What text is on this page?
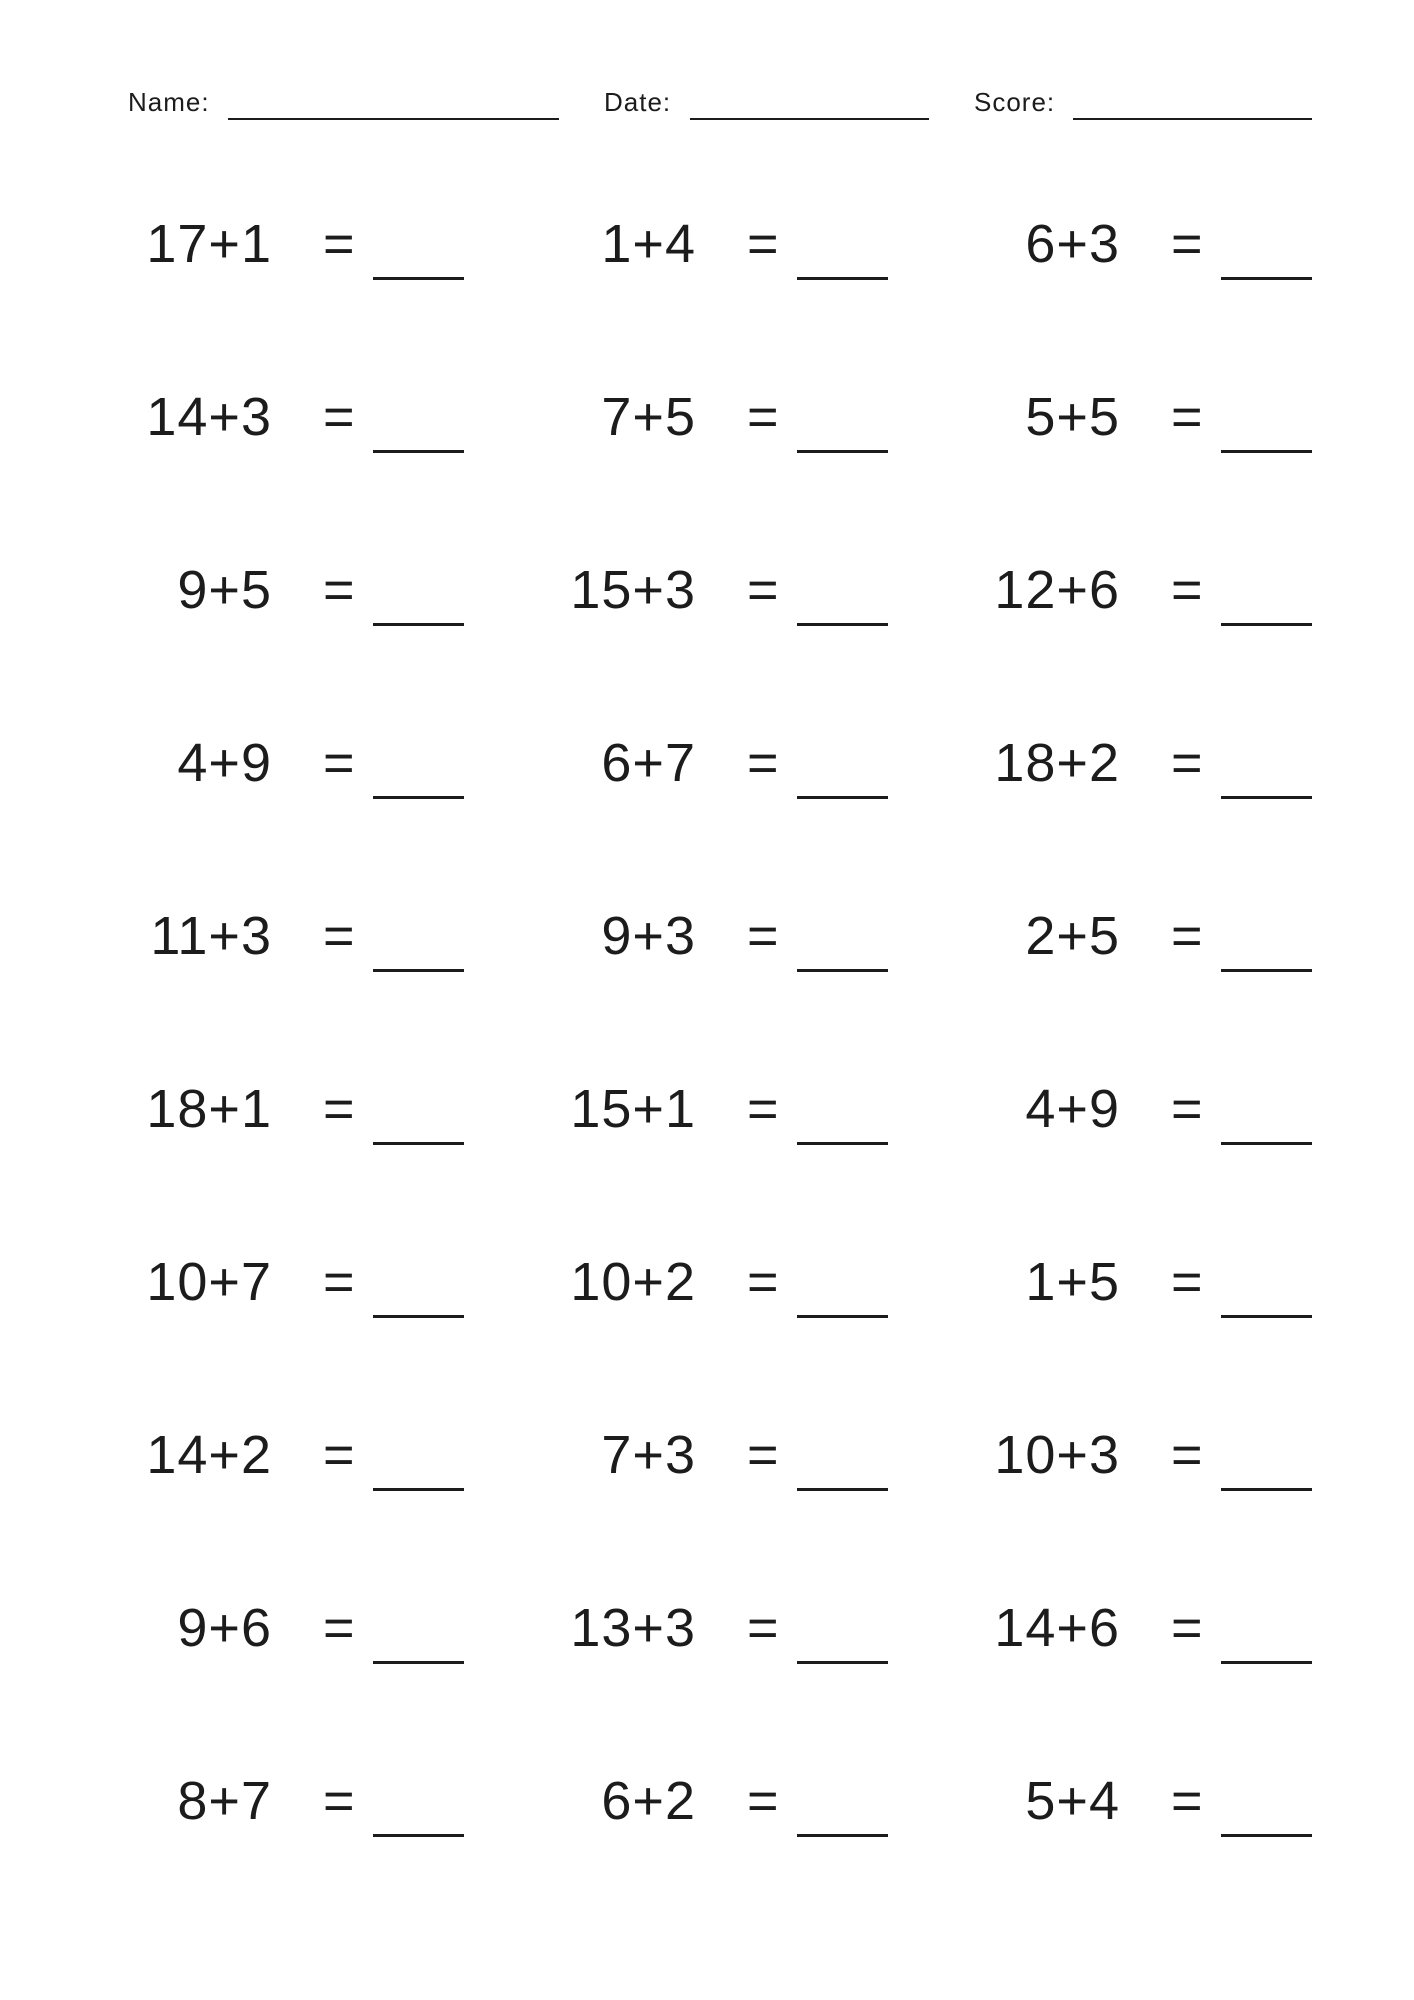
Name:	Date:	Score:
17+1 =	1+4 =	6+3 =
14+3 =	7+5 =	5+5 =
9+5 =	15+3 =	12+6 =
4+9 =	6+7 =	18+2 =
11+3 =	9+3 =	2+5 =
18+1 =	15+1 =	4+9 =
10+7 =	10+2 =	1+5 =
14+2 =	7+3 =	10+3 =
9+6 =	13+3 =	14+6 =
8+7 =	6+2 =	5+4 =
